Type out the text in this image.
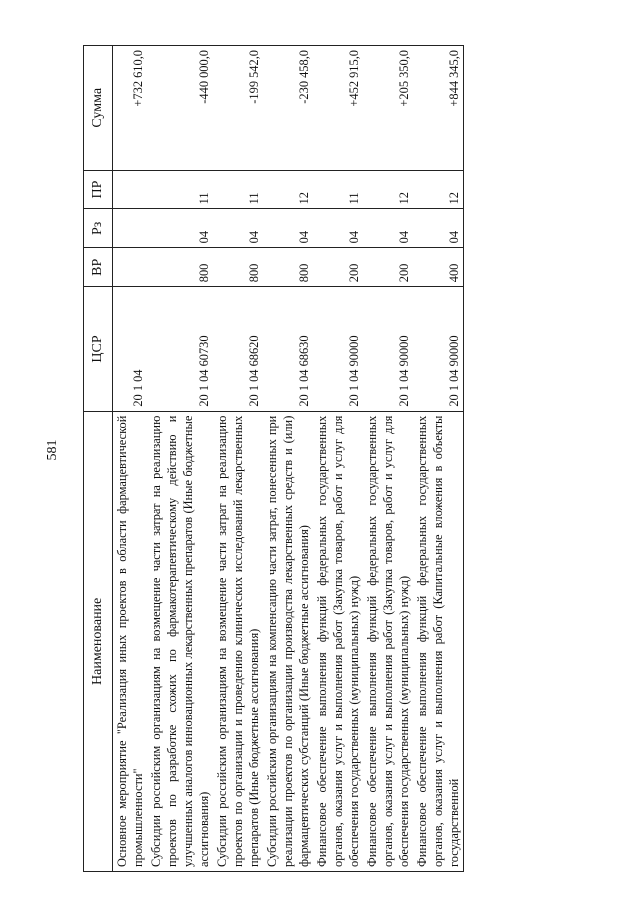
581
Наименование	ЦСР	ВР	Рз	ПР	Сумма
Основное мероприятие "Реализация иных проектов в области фармацевтической промышленности"	20 1 04				+732 610,0
Субсидии российским организациям на возмещение части затрат на реализацию проектов по разработке схожих по фармакотерапевтическому действию и улучшенных аналогов инновационных лекарственных препаратов (Иные бюджетные ассигнования)	20 1 04 60730	800	04	11	-440 000,0
Субсидии российским организациям на возмещение части затрат на реализацию проектов по организации и проведению клинических исследований лекарственных препаратов (Иные бюджетные ассигнования)	20 1 04 68620	800	04	11	-199 542,0
Субсидии российским организациям на компенсацию части затрат, понесенных при реализации проектов по организации производства лекарственных средств и (или) фармацевтических субстанций (Иные бюджетные ассигнования)	20 1 04 68630	800	04	12	-230 458,0
Финансовое обеспечение выполнения функций федеральных государственных органов, оказания услуг и выполнения работ (Закупка товаров, работ и услуг для обеспечения государственных (муниципальных) нужд)	20 1 04 90000	200	04	11	+452 915,0
Финансовое обеспечение выполнения функций федеральных государственных органов, оказания услуг и выполнения работ (Закупка товаров, работ и услуг для обеспечения государственных (муниципальных) нужд)	20 1 04 90000	200	04	12	+205 350,0
Финансовое обеспечение выполнения функций федеральных государственных органов, оказания услуг и выполнения работ (Капитальные вложения в объекты государственной	20 1 04 90000	400	04	12	+844 345,0
